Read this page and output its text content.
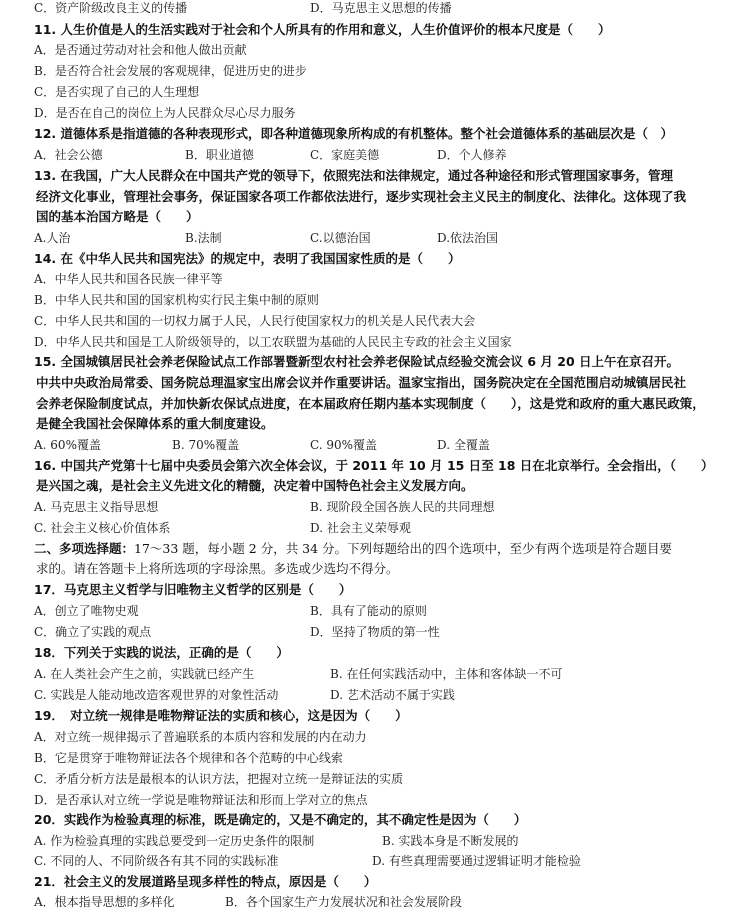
C．资产阶级改良主义的传播	D．马克思主义思想的传播
11. 人生价值是人的生活实践对于社会和个人所具有的作用和意义，人生价值评价的根本尺度是（　　）
A．是否通过劳动对社会和他人做出贡献
B．是否符合社会发展的客观规律，促进历史的进步
C．是否实现了自己的人生理想
D．是否在自己的岗位上为人民群众尽心尽力服务
12. 道德体系是指道德的各种表现形式，即各种道德现象所构成的有机整体。整个社会道德体系的基础层次是（　）
A．社会公德	B．职业道德	C．家庭美德	D．个人修养
13. 在我国，广大人民群众在中国共产党的领导下，依照宪法和法律规定，通过各种途径和形式管理国家事务，管理
经济文化事业，管理社会事务，保证国家各项工作都依法进行，逐步实现社会主义民主的制度化、法律化。这体现了我
国的基本治国方略是（　　）
A.人治	B.法制	C.以德治国	D.依法治国
14. 在《中华人民共和国宪法》的规定中，表明了我国国家性质的是（　　）
A．中华人民共和国各民族一律平等
B．中华人民共和国的国家机构实行民主集中制的原则
C．中华人民共和国的一切权力属于人民，人民行使国家权力的机关是人民代表大会
D．中华人民共和国是工人阶级领导的，以工农联盟为基础的人民民主专政的社会主义国家
15. 全国城镇居民社会养老保险试点工作部署暨新型农村社会养老保险试点经验交流会议 6 月 20 日上午在京召开。
中共中央政治局常委、国务院总理温家宝出席会议并作重要讲话。温家宝指出，国务院决定在全国范围启动城镇居民社
会养老保险制度试点，并加快新农保试点进度，在本届政府任期内基本实现制度（　　），这是党和政府的重大惠民政策，
是健全我国社会保障体系的重大制度建设。
A. 60%覆盖	B. 70%覆盖	C. 90%覆盖	D. 全覆盖
16. 中国共产党第十七届中央委员会第六次全体会议，于 2011 年 10 月 15 日至 18 日在北京举行。全会指出，（　　）
是兴国之魂，是社会主义先进文化的精髓，决定着中国特色社会主义发展方向。
A. 马克思主义指导思想	B. 现阶段全国各族人民的共同理想
C. 社会主义核心价值体系	D. 社会主义荣辱观
二、多项选择题：17～33 题，每小题 2 分，共 34 分。下列每题给出的四个选项中，至少有两个选项是符合题目要
求的。请在答题卡上将所选项的字母涂黑。多选或少选均不得分。
17．马克思主义哲学与旧唯物主义哲学的区别是（　　）
A．创立了唯物史观	B．具有了能动的原则
C．确立了实践的观点	D．坚持了物质的第一性
18．下列关于实践的说法，正确的是（　　）
A. 在人类社会产生之前，实践就已经产生	B. 在任何实践活动中，主体和客体缺一不可
C. 实践是人能动地改造客观世界的对象性活动	D. 艺术活动不属于实践
19．　对立统一规律是唯物辩证法的实质和核心，这是因为（　　）
A．对立统一规律揭示了普遍联系的本质内容和发展的内在动力
B．它是贯穿于唯物辩证法各个规律和各个范畴的中心线索
C．矛盾分析方法是最根本的认识方法，把握对立统一是辩证法的实质
D．是否承认对立统一学说是唯物辩证法和形而上学对立的焦点
20．实践作为检验真理的标准，既是确定的，又是不确定的，其不确定性是因为（　　）
A. 作为检验真理的实践总要受到一定历史条件的限制	B. 实践本身是不断发展的
C. 不同的人、不同阶级各有其不同的实践标准	D. 有些真理需要通过逻辑证明才能检验
21．社会主义的发展道路呈现多样性的特点，原因是（　　）
A．根本指导思想的多样化	B．各个国家生产力发展状况和社会发展阶段
